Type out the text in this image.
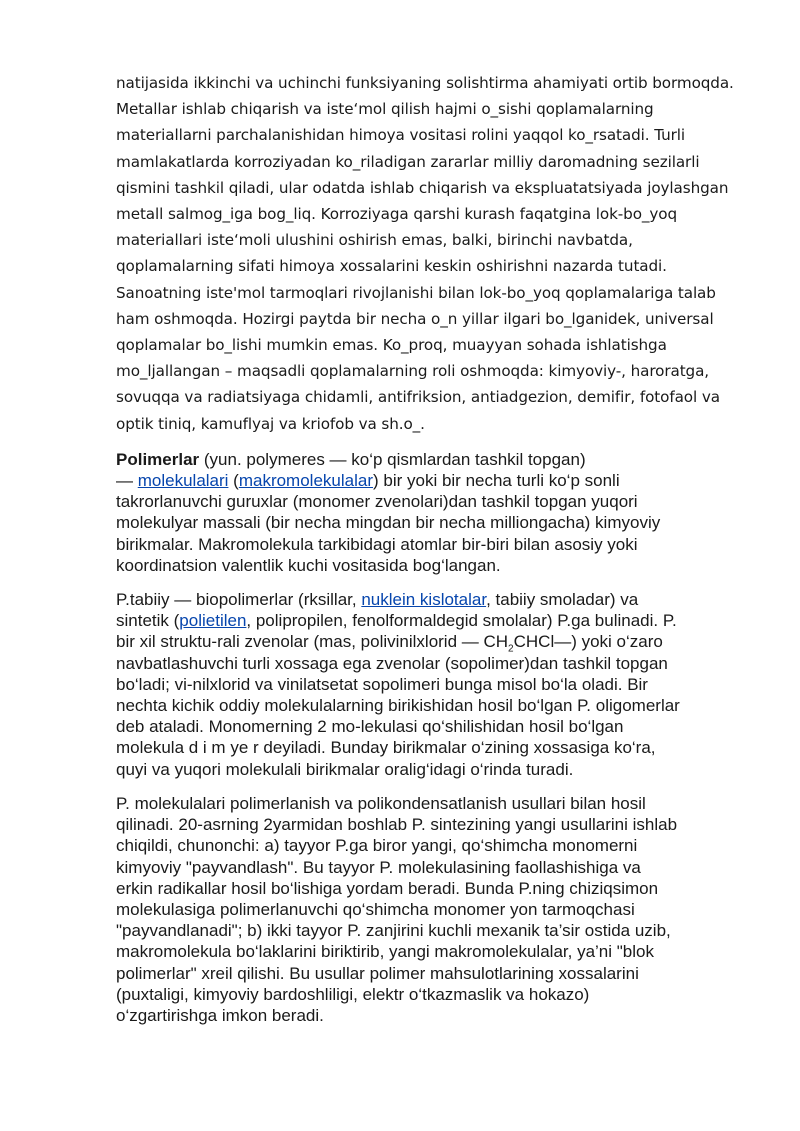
natijasida ikkinchi va uchinchi funksiyaning solishtirma ahamiyati ortib bormoqda.
Metallar ishlab chiqarish va iste‘mol qilish hajmi o_sishi qoplamalarning
materiallarni parchalanishidan himoya vositasi rolini yaqqol ko_rsatadi. Turli
mamlakatlarda korroziyadan ko_riladigan zararlar milliy daromadning sezilarli
qismini tashkil qiladi, ular odatda ishlab chiqarish va ekspluatatsiyada joylashgan
metall salmog_iga bog_liq. Korroziyaga qarshi kurash faqatgina lok-bo_yoq
materiallari iste‘moli ulushini oshirish emas, balki, birinchi navbatda,
qoplamalarning sifati himoya xossalarini keskin oshirishni nazarda tutadi.
Sanoatning iste'mol tarmoqlari rivojlanishi bilan lok-bo_yoq qoplamalariga talab
ham oshmoqda. Hozirgi paytda bir necha o_n yillar ilgari bo_lganidek, universal
qoplamalar bo_lishi mumkin emas. Ko_proq, muayyan sohada ishlatishga
mo_ljallangan – maqsadli qoplamalarning roli oshmoqda: kimyoviy-, haroratga,
sovuqqa va radiatsiyaga chidamli, antifriksion, antiadgezion, demifir, fotofaol va
optik tiniq, kamuflyaj va kriofob va sh.o_.

Polimerlar (yun. polymeres — ko‘p qismlardan tashkil topgan)
— molekulalari (makromolekulalar) bir yoki bir necha turli ko‘p sonli
takrorlanuvchi guruxlar (monomer zvenolari)dan tashkil topgan yuqori
molekulyar massali (bir necha mingdan bir necha milliongacha) kimyoviy
birikmalar. Makromolekula tarkibidagi atomlar bir-biri bilan asosiy yoki
koordinatsion valentlik kuchi vositasida bog‘langan.

P.tabiiy — biopolimerlar (rksillar, nuklein kislotalar, tabiiy smoladar) va
sintetik (polietilen, polipropilen, fenolformaldegid smolalar) P.ga bulinadi. P.
bir xil struktu-rali zvenolar (mas, polivinilxlorid — $CH_2CHCl—$) yoki o‘zaro
navbatlashuvchi turli xossaga ega zvenolar (sopolimer)dan tashkil topgan
bo‘ladi; vi-nilxlorid va vinilatsetat sopolimeri bunga misol bo‘la oladi. Bir
nechta kichik oddiy molekulalarning birikishidan hosil bo‘lgan P. oligomerlar
deb ataladi. Monomerning 2 mo-lekulasi qo‘shilishidan hosil bo‘lgan
molekula d i m ye r deyiladi. Bunday birikmalar o‘zining xossasiga ko‘ra,
quyi va yuqori molekulali birikmalar oralig‘idagi o‘rinda turadi.

P. molekulalari polimerlanish va polikondensatlanish usullari bilan hosil
qilinadi. 20-asrning 2yarmidan boshlab P. sintezining yangi usullarini ishlab
chiqildi, chunonchi: a) tayyor P.ga biror yangi, qo‘shimcha monomerni
kimyoviy "payvandlash". Bu tayyor P. molekulasining faollashishiga va
erkin radikallar hosil bo‘lishiga yordam beradi. Bunda P.ning chiziqsimon
molekulasiga polimerlanuvchi qo‘shimcha monomer yon tarmoqchasi
"payvandlanadi"; b) ikki tayyor P. zanjirini kuchli mexanik ta’sir ostida uzib,
makromolekula bo‘laklarini biriktirib, yangi makromolekulalar, ya’ni "blok
polimerlar" xreil qilishi. Bu usullar polimer mahsulotlarining xossalarini
(puxtaligi, kimyoviy bardoshliligi, elektr o‘tkazmaslik va hokazo)
o‘zgartirishga imkon beradi.
